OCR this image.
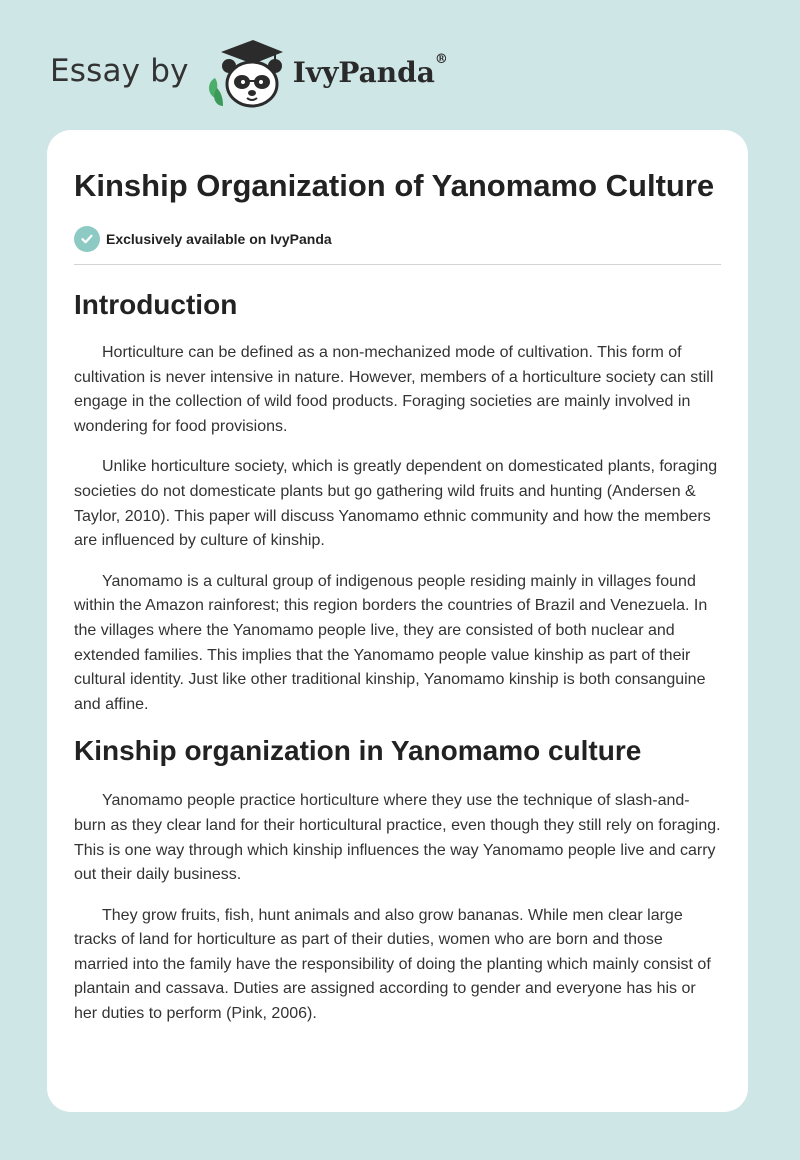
Essay by	IvyPanda®
Kinship Organization of Yanomamo Culture
Exclusively available on IvyPanda
Introduction

Horticulture can be defined as a non-mechanized mode of cultivation. This form of cultivation is never intensive in nature. However, members of a horticulture society can still engage in the collection of wild food products. Foraging societies are mainly involved in wondering for food provisions.

Unlike horticulture society, which is greatly dependent on domesticated plants, foraging societies do not domesticate plants but go gathering wild fruits and hunting (Andersen & Taylor, 2010). This paper will discuss Yanomamo ethnic community and how the members are influenced by culture of kinship.

Yanomamo is a cultural group of indigenous people residing mainly in villages found within the Amazon rainforest; this region borders the countries of Brazil and Venezuela. In the villages where the Yanomamo people live, they are consisted of both nuclear and extended families. This implies that the Yanomamo people value kinship as part of their cultural identity. Just like other traditional kinship, Yanomamo kinship is both consanguine and affine.

Kinship organization in Yanomamo culture

Yanomamo people practice horticulture where they use the technique of slash-and-burn as they clear land for their horticultural practice, even though they still rely on foraging. This is one way through which kinship influences the way Yanomamo people live and carry out their daily business.

They grow fruits, fish, hunt animals and also grow bananas. While men clear large tracks of land for horticulture as part of their duties, women who are born and those married into the family have the responsibility of doing the planting which mainly consist of plantain and cassava. Duties are assigned according to gender and everyone has his or her duties to perform (Pink, 2006).
